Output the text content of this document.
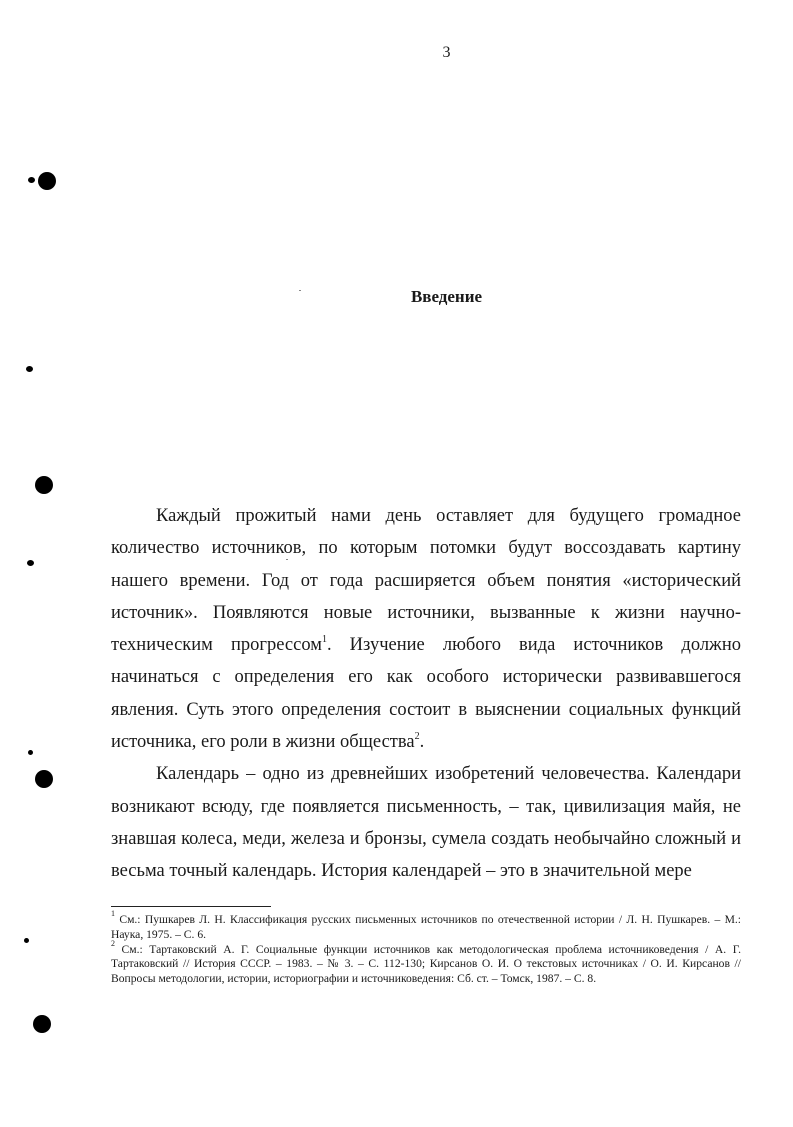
3
Введение

Каждый прожитый нами день оставляет для будущего громадное количество источников, по которым потомки будут воссоздавать картину нашего времени. Год от года расширяется объем понятия «исторический источник». Появляются новые источники, вызванные к жизни научно-техническим прогрессом$^1$. Изучение любого вида источников должно начинаться с определения его как особого исторически развивавшегося явления. Суть этого определения состоит в выяснении социальных функций источника, его роли в жизни общества$^2$.

Календарь – одно из древнейших изобретений человечества. Календари возникают всюду, где появляется письменность, – так, цивилизация майя, не знавшая колеса, меди, железа и бронзы, сумела создать необычайно сложный и весьма точный календарь. История календарей – это в значительной мере

$^1$ См.: Пушкарев Л. Н. Классификация русских письменных источников по отечественной истории / Л. Н. Пушкарев. – М.: Наука, 1975. – С. 6.

$^2$ См.: Тартаковский А. Г. Социальные функции источников как методологическая проблема источниковедения / А. Г. Тартаковский // История СССР. – 1983. – № 3. – С. 112-130; Кирсанов О. И. О текстовых источниках / О. И. Кирсанов // Вопросы методологии, истории, историографии и источниковедения: Сб. ст. – Томск, 1987. – С. 8.
